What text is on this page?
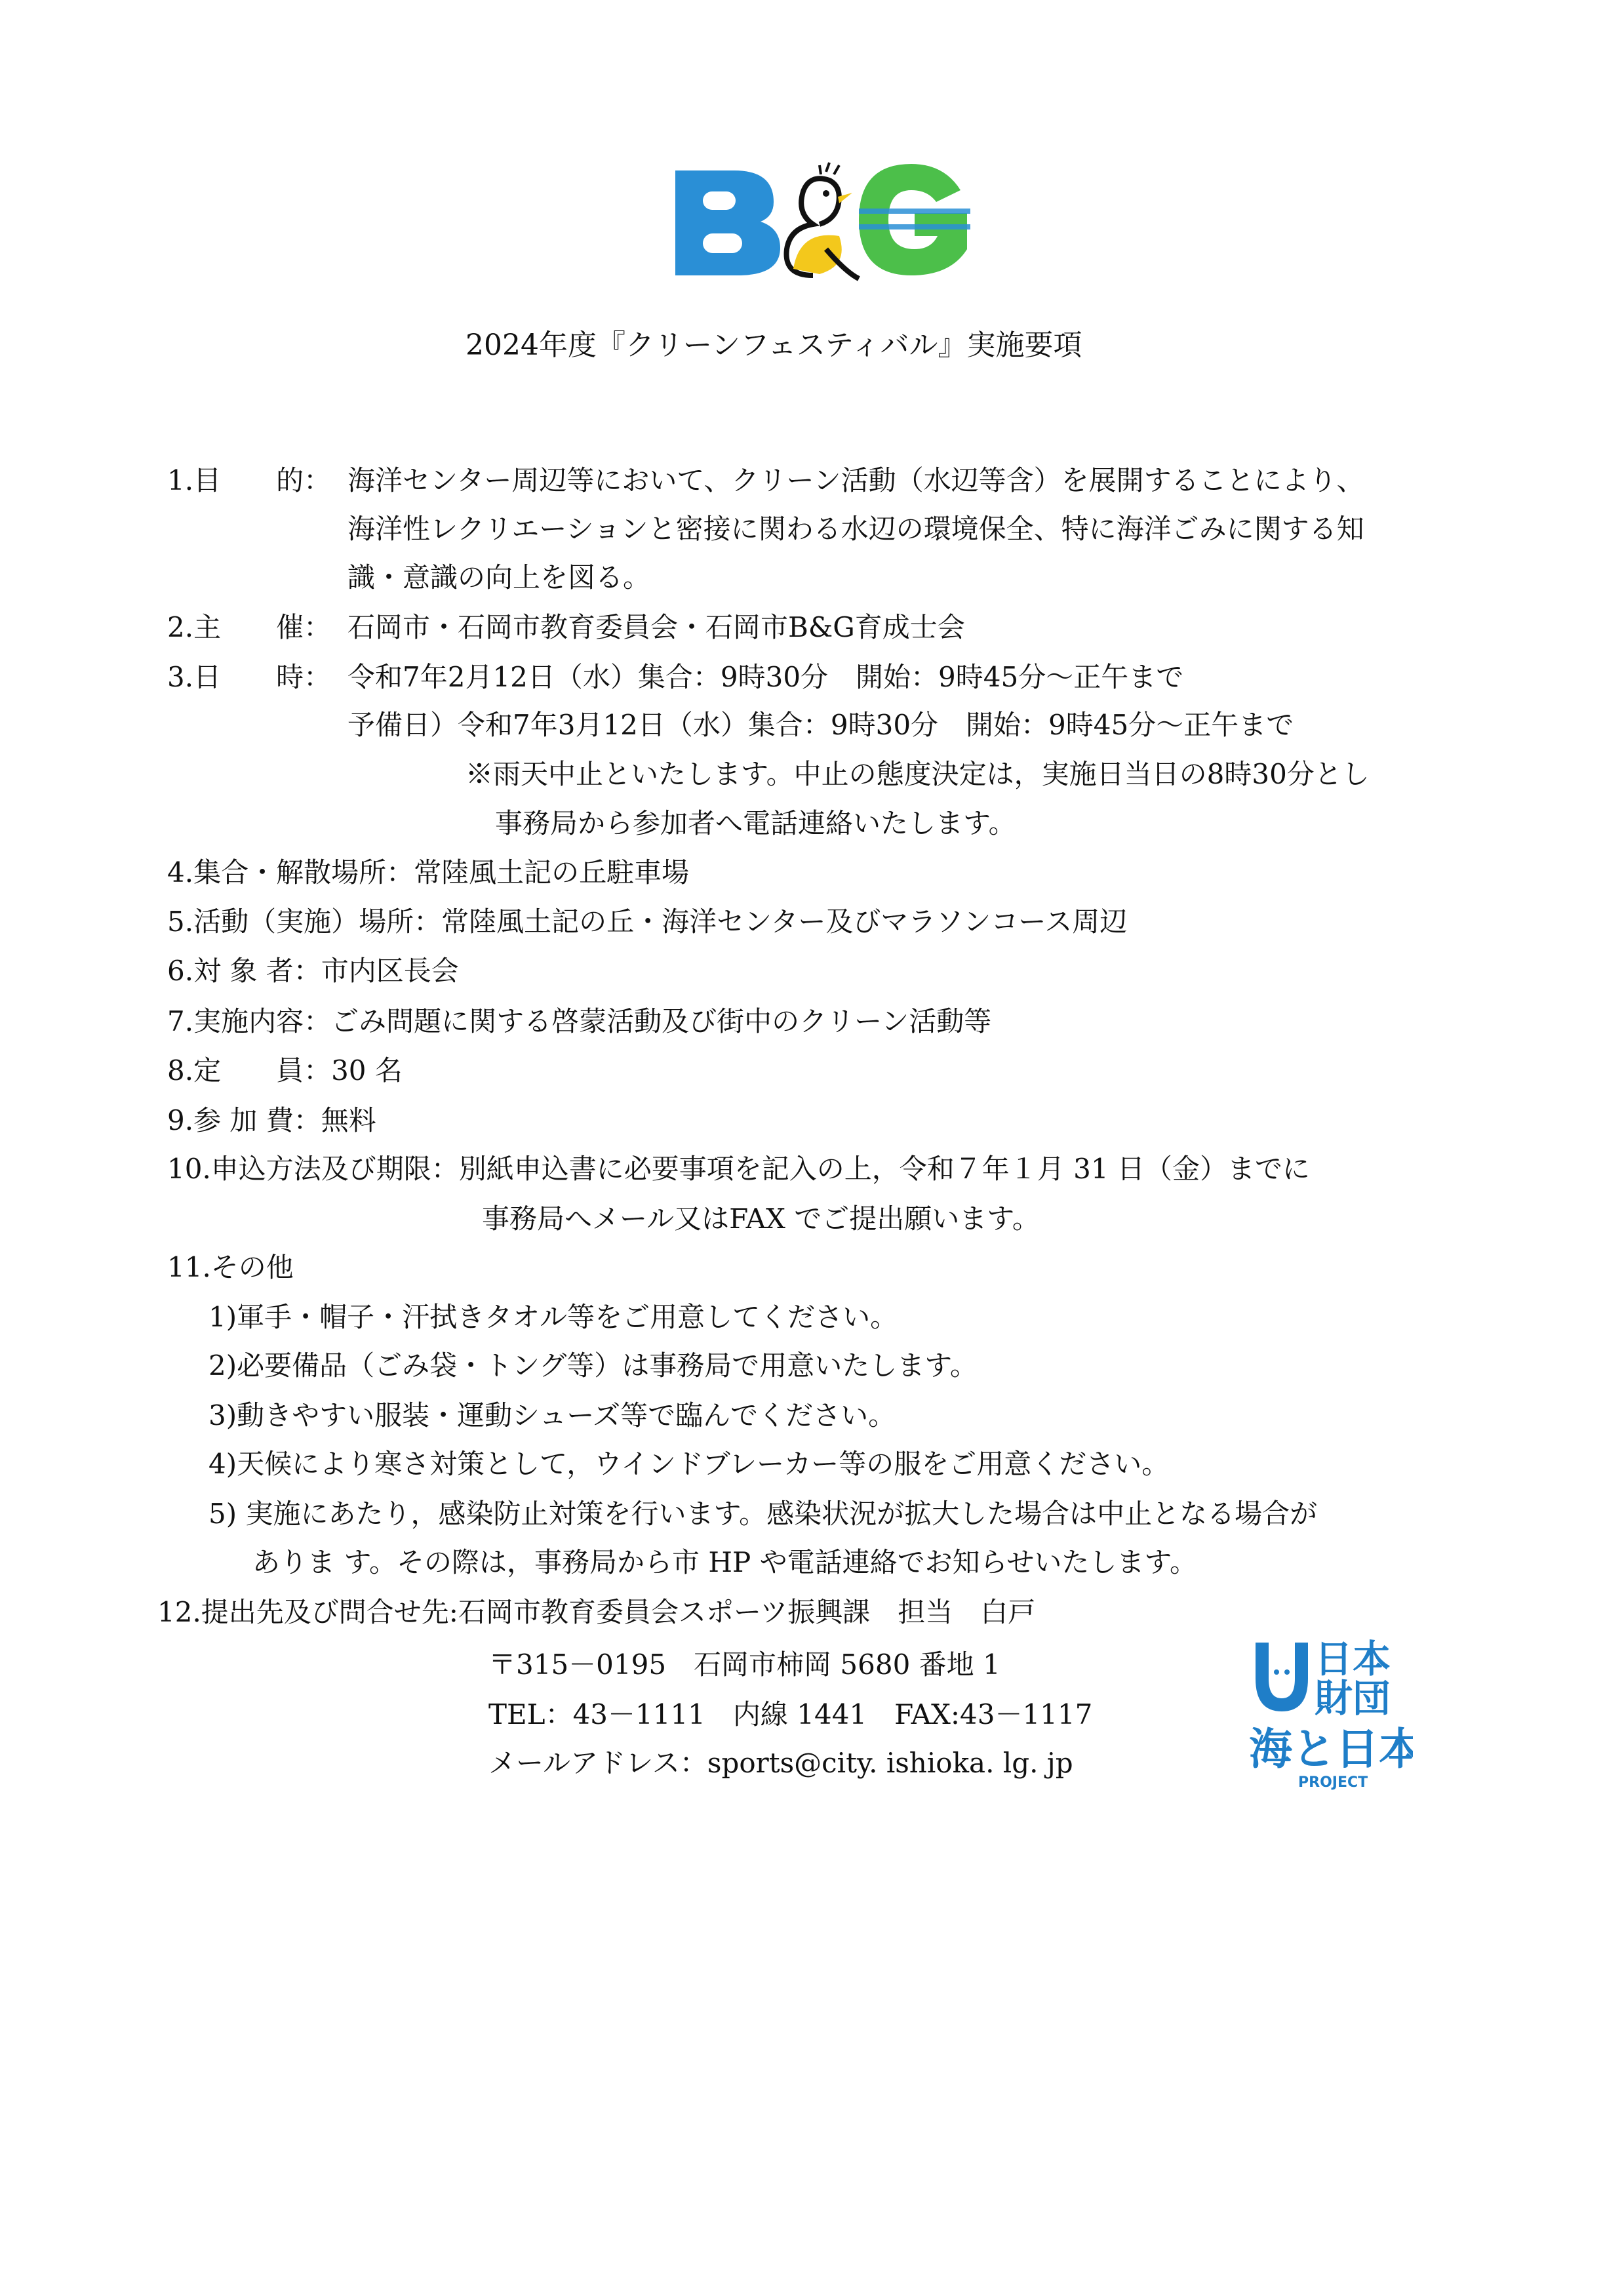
2024年度『クリーンフェスティバル』実施要項
1.目　　的： 海洋センター周辺等において、クリーン活動（水辺等含）を展開することにより、
海洋性レクリエーションと密接に関わる水辺の環境保全、特に海洋ごみに関する知
識・意識の向上を図る。
2.主　　催： 石岡市・石岡市教育委員会・石岡市B&G育成士会
3.日　　時： 令和7年2月12日（水）集合：9時30分　開始：9時45分～正午まで
予備日）令和7年3月12日（水）集合：9時30分　開始：9時45分～正午まで
※雨天中止といたします。中止の態度決定は，実施日当日の8時30分とし
事務局から参加者へ電話連絡いたします。
4.集合・解散場所：常陸風土記の丘駐車場
5.活動（実施）場所：常陸風土記の丘・海洋センター及びマラソンコース周辺
6.対 象 者：市内区長会
7.実施内容：ごみ問題に関する啓蒙活動及び街中のクリーン活動等
8.定　　員：30 名
9.参 加 費：無料
10.申込方法及び期限：別紙申込書に必要事項を記入の上，令和７年１月 31 日（金）までに
事務局へメール又はFAX でご提出願います。
11.その他
1)軍手・帽子・汗拭きタオル等をご用意してください。
2)必要備品（ごみ袋・トング等）は事務局で用意いたします。
3)動きやすい服装・運動シューズ等で臨んでください。
4)天候により寒さ対策として，ウインドブレーカー等の服をご用意ください。
5) 実施にあたり，感染防止対策を行います。感染状況が拡大した場合は中止となる場合が
ありま す。その際は，事務局から市 HP や電話連絡でお知らせいたします。
12.提出先及び問合せ先:石岡市教育委員会スポーツ振興課　担当　白戸
〒315－0195　石岡市柿岡 5680 番地 1
TEL：43－1111　内線 1441　FAX:43－1117
メールアドレス：sports@city. ishioka. lg. jp
日本
財団
海と日本
PROJECT
